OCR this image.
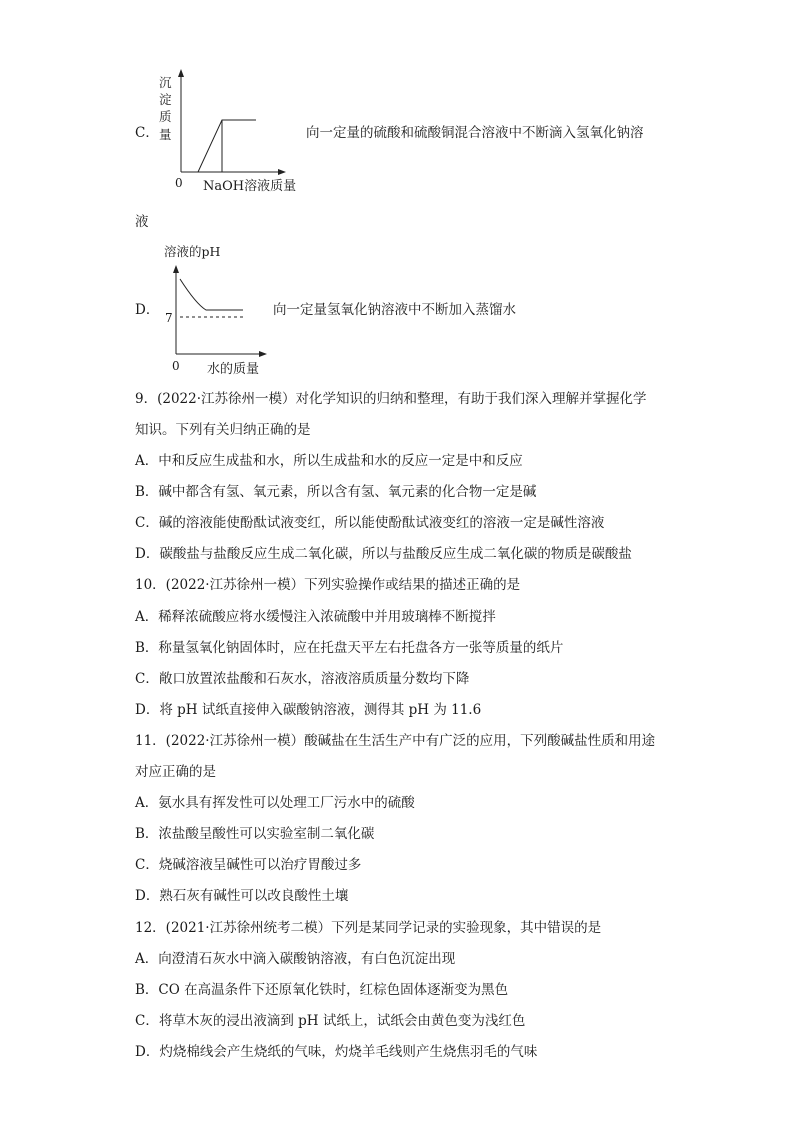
0 NaOH溶液质量
7
0 水的质量
C．
沉
淀
质
量	向一定量的硫酸和硫酸铜混合溶液中不断滴入氢氧化钠溶
液
溶液的pH
D．	向一定量氢氧化钠溶液中不断加入蒸馏水
9．(2022·江苏徐州一模）对化学知识的归纳和整理，有助于我们深入理解并掌握化学
知识。下列有关归纳正确的是
A．中和反应生成盐和水，所以生成盐和水的反应一定是中和反应
B．碱中都含有氢、氧元素，所以含有氢、氧元素的化合物一定是碱
C．碱的溶液能使酚酞试液变红，所以能使酚酞试液变红的溶液一定是碱性溶液
D．碳酸盐与盐酸反应生成二氧化碳，所以与盐酸反应生成二氧化碳的物质是碳酸盐
10．(2022·江苏徐州一模）下列实验操作或结果的描述正确的是
A．稀释浓硫酸应将水缓慢注入浓硫酸中并用玻璃棒不断搅拌
B．称量氢氧化钠固体时，应在托盘天平左右托盘各方一张等质量的纸片
C．敞口放置浓盐酸和石灰水，溶液溶质质量分数均下降
D．将 pH 试纸直接伸入碳酸钠溶液，测得其 pH 为 11.6
11．(2022·江苏徐州一模）酸碱盐在生活生产中有广泛的应用，下列酸碱盐性质和用途
对应正确的是
A．氨水具有挥发性可以处理工厂污水中的硫酸
B．浓盐酸呈酸性可以实验室制二氧化碳
C．烧碱溶液呈碱性可以治疗胃酸过多
D．熟石灰有碱性可以改良酸性土壤
12．(2021·江苏徐州统考二模）下列是某同学记录的实验现象，其中错误的是
A．向澄清石灰水中滴入碳酸钠溶液，有白色沉淀出现
B．CO 在高温条件下还原氧化铁时，红棕色固体逐渐变为黑色
C．将草木灰的浸出液滴到 pH 试纸上，试纸会由黄色变为浅红色
D．灼烧棉线会产生烧纸的气味，灼烧羊毛线则产生烧焦羽毛的气味
